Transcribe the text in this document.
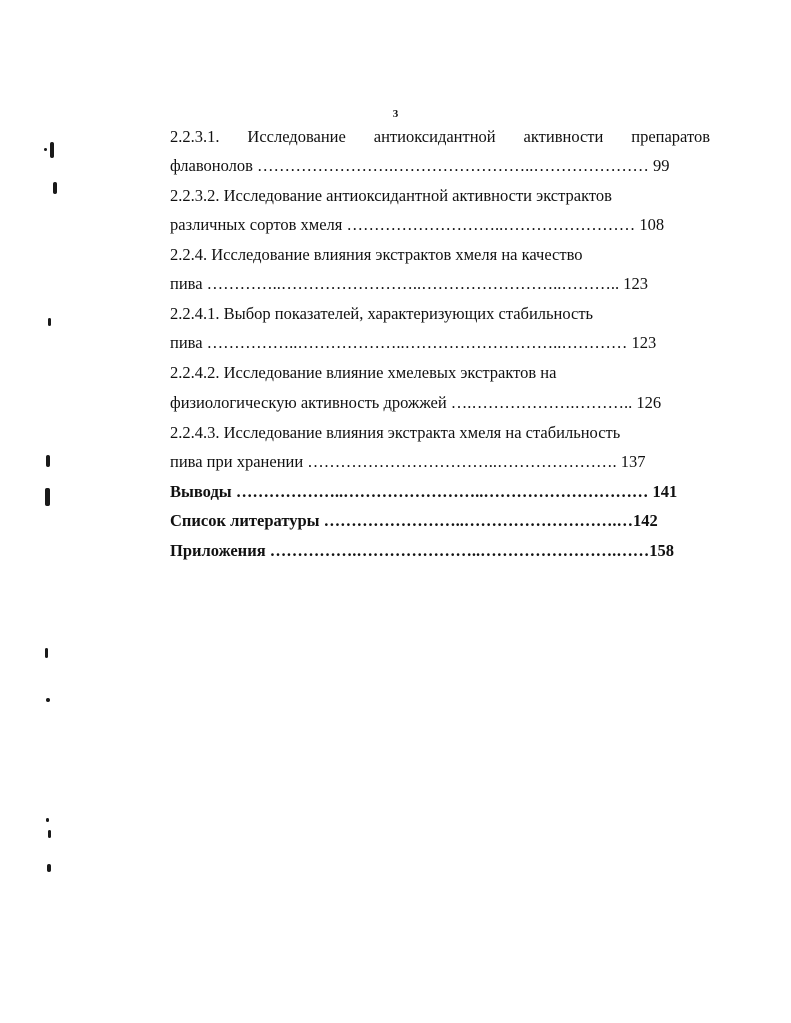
3
2.2.3.1. Исследование антиоксидантной активности препаратов
флавонолов …………………….……………………..………………… 99
2.2.3.2. Исследование антиоксидантной активности экстрактов
различных сортов хмеля ………………………..…………………… 108
2.2.4. Исследование влияния экстрактов хмеля на качество
пива …………..……………………..……………………..……….. 123
2.2.4.1. Выбор показателей, характеризующих стабильность
пива ……………..………………..………………………..………… 123
2.2.4.2. Исследование влияние хмелевых экстрактов на
физиологическую активность дрожжей ….……………….……….. 126
2.2.4.3. Исследование влияния экстракта хмеля на стабильность
пива при хранении ……………………………..…………………. 137
Выводы ………………..……………………..………………………… 141
Список литературы ……………………..……………………….…142
Приложения …………….…………………..…………………….……158
